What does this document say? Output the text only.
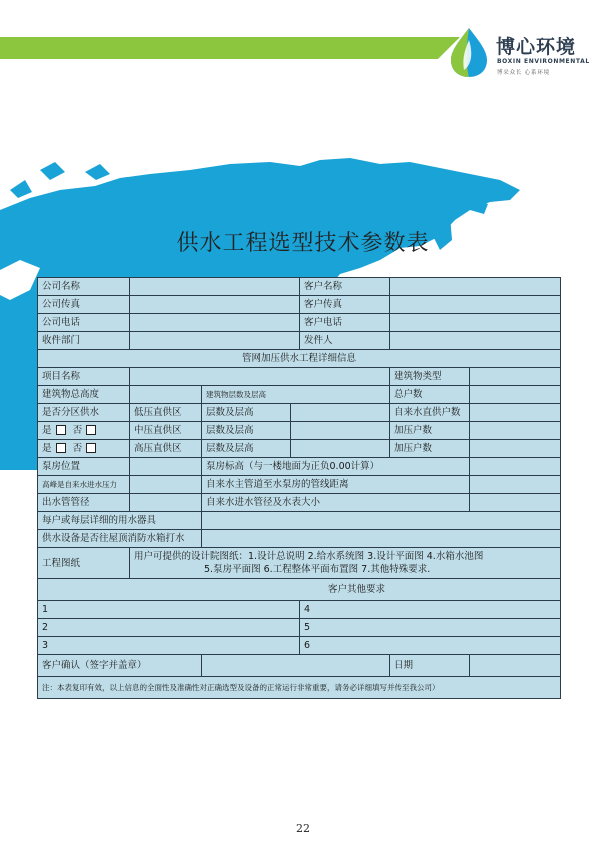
博心环境
BOXIN ENVIRONMENTAL
博采众长 心系环境
供水工程选型技术参数表
公司名称				客户名称		
公司传真				客户传真		
公司电话				客户电话		
收件部门				发件人		
管网加压供水工程详细信息						
项目名称					建筑物类型	
建筑物总高度		建筑物层数及层高			总户数	
是否分区供水	低压直供区	层数及层高			自来水直供户数	
是 否	中压直供区	层数及层高			加压户数	
是 否	高压直供区	层数及层高			加压户数	
泵房位置		泵房标高（与一楼地面为正负0.00计算）				
高峰是自来水进水压力		自来水主管道至水泵房的管线距离				
出水管管径		自来水进水管径及水表大小				
每户或每层详细的用水器具						
供水设备是否往屋顶消防水箱打水						
工程图纸	用户可提供的设计院图纸：1.设计总说明 2.给水系统图 3.设计平面图 4.水箱水池图
5.泵房平面图 6.工程整体平面布置图 7.其他特殊要求.					

客户其他要求						
1				4		
2				5		
3				6		
客户确认（签字并盖章）					日期	
注：本表复印有效，以上信息的全面性及准确性对正确选型及设备的正常运行非常重要，请务必详细填写并传至我公司）						
22
